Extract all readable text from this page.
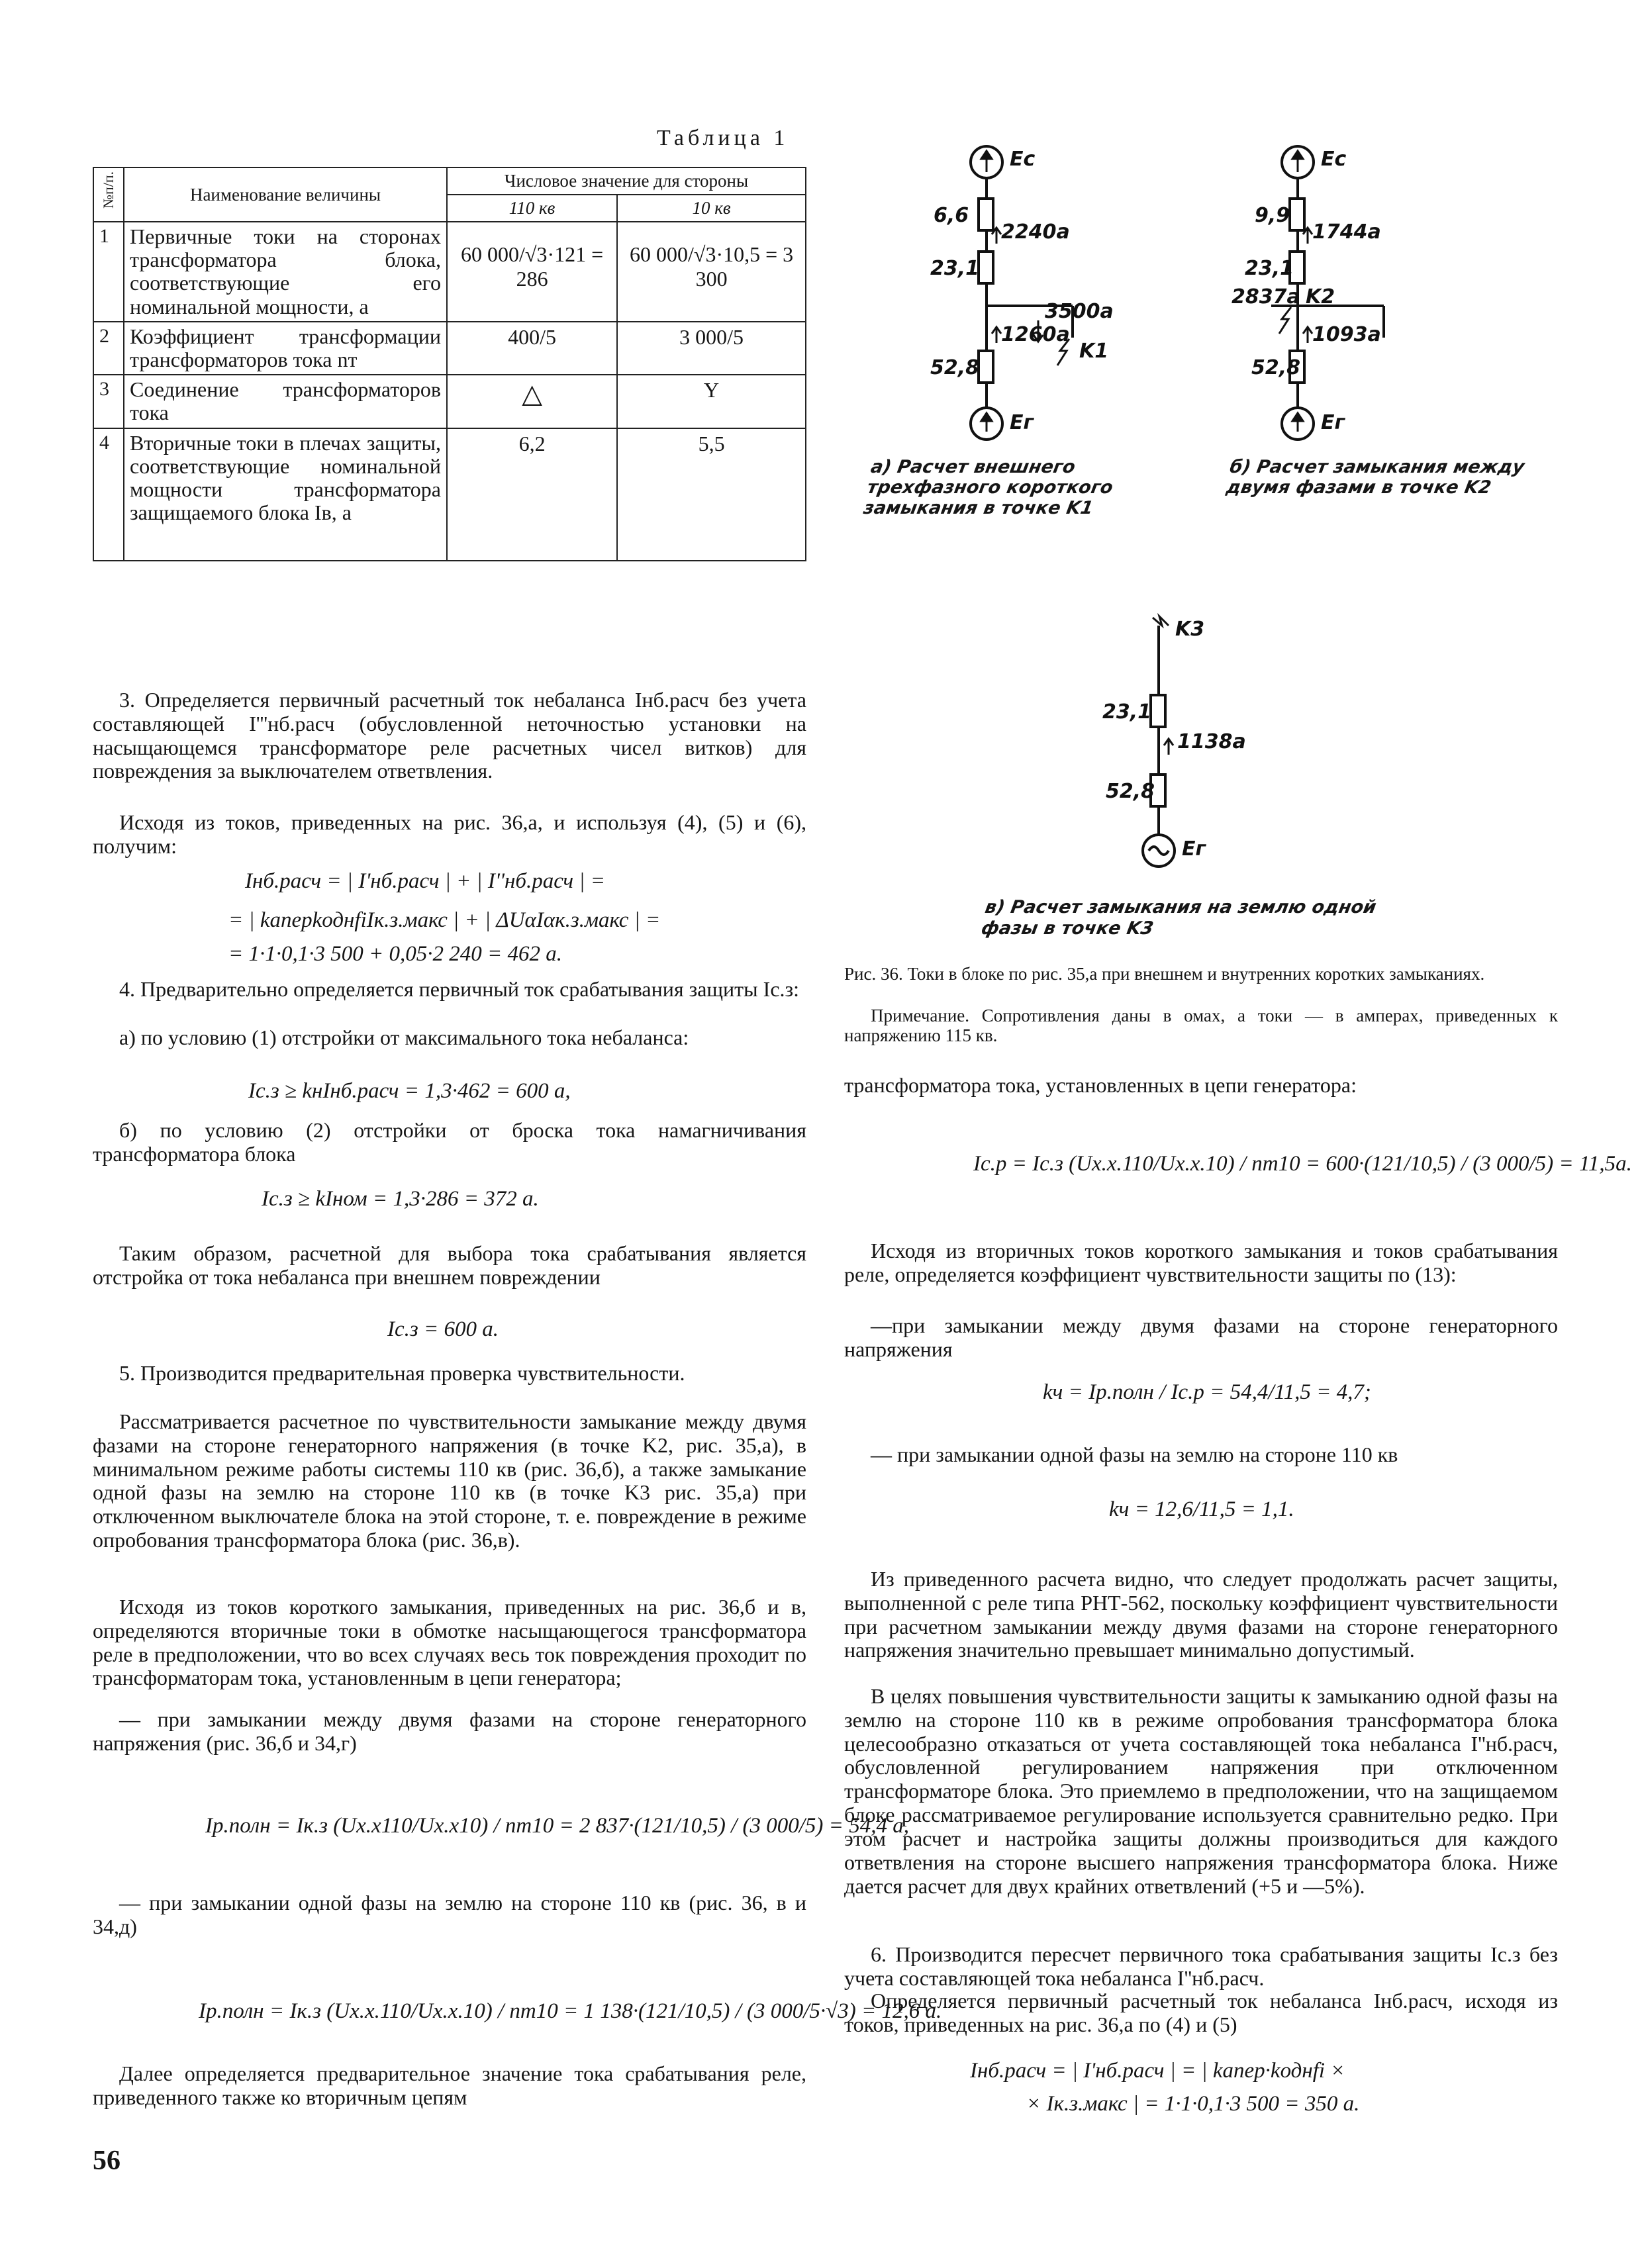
Таблица 1
№п/п.	Наименование величины	Числовое значение для стороны	
		110 кв	10 кв
1	Первичные токи на сторонах трансформатора блока, соответствующие его номинальной мощности, а	60 000/√3·121 = 286	60 000/√3·10,5 = 3 300
2	Коэффициент трансформации трансформаторов тока nт	400/5	3 000/5
3	Соединение трансформаторов тока	△	Y
4	Вторичные токи в плечах защиты, соответствующие номинальной мощности трансформатора защищаемого блока Iв, а	6,2	5,5

3. Определяется первичный расчетный ток небаланса Iнб.расч без учета составляющей I'''нб.расч (обусловленной неточностью установки на насыщающемся трансформаторе реле расчетных чисел витков) для повреждения за выключателем ответвления.

Исходя из токов, приведенных на рис. 36,а, и используя (4), (5) и (6), получим:

Iнб.расч = | I'нб.расч | + | I''нб.расч | =
= | kаперkоднfiIк.з.макс | + | ΔUαIαк.з.макс | =
= 1·1·0,1·3 500 + 0,05·2 240 = 462 а.

4. Предварительно определяется первичный ток срабатывания защиты Iс.з:

а) по условию (1) отстройки от максимального тока небаланса:

Iс.з ≥ kнIнб.расч = 1,3·462 = 600 а,

б) по условию (2) отстройки от броска тока намагничивания трансформатора блока

Iс.з ≥ kIном = 1,3·286 = 372 а.

Таким образом, расчетной для выбора тока срабатывания является отстройка от тока небаланса при внешнем повреждении

Iс.з = 600 а.

5. Производится предварительная проверка чувствительности.

Рассматривается расчетное по чувствительности замыкание между двумя фазами на стороне генераторного напряжения (в точке K2, рис. 35,а), в минимальном режиме работы системы 110 кв (рис. 36,б), а также замыкание одной фазы на землю на стороне 110 кв (в точке K3 рис. 35,а) при отключенном выключателе блока на этой стороне, т. е. повреждение в режиме опробования трансформатора блока (рис. 36,в).

Исходя из токов короткого замыкания, приведенных на рис. 36,б и в, определяются вторичные токи в обмотке насыщающегося трансформатора реле в предположении, что во всех случаях весь ток повреждения проходит по трансформаторам тока, установленным в цепи генератора;

— при замыкании между двумя фазами на стороне генераторного напряжения (рис. 36,б и 34,г)

Iр.полн = Iк.з (Uх.х110/Uх.х10) / nт10 = 2 837·(121/10,5) / (3 000/5) = 54,4 а,

— при замыкании одной фазы на землю на стороне 110 кв (рис. 36, в и 34,д)

Iр.полн = Iк.з (Uх.х.110/Uх.х.10) / nт10 = 1 138·(121/10,5) / (3 000/5·√3) = 12,6 а.

Далее определяется предварительное значение тока срабатывания реле, приведенного также ко вторичным цепям

56
Ec
Eг
6,6
23,1
52,8
2240а
3500а
1260а
K1
Ec
Eг
9,9
23,1
52,8
1744а
2837а
1093а
K2
Eг
23,1
52,8
1138а
K3
а) Расчет внешнего трехфазного короткого замыкания в точке K1
б) Расчет замыкания между двумя фазами в точке K2
в) Расчет замыкания на землю одной фазы в точке K3
Рис. 36. Токи в блоке по рис. 35,а при внешнем и внутренних коротких замыканиях.
Примечание. Сопротивления даны в омах, а токи — в амперах, приведенных к напряжению 115 кв.

трансформатора тока, установленных в цепи генератора:

Iс.р = Iс.з (Uх.х.110/Uх.х.10) / nт10 = 600·(121/10,5) / (3 000/5) = 11,5а.

Исходя из вторичных токов короткого замыкания и токов срабатывания реле, определяется коэффициент чувствительности защиты по (13):

—при замыкании между двумя фазами на стороне генераторного напряжения

kч = Iр.полн / Iс.р = 54,4/11,5 = 4,7;

— при замыкании одной фазы на землю на стороне 110 кв

kч = 12,6/11,5 = 1,1.

Из приведенного расчета видно, что следует продолжать расчет защиты, выполненной с реле типа РНТ-562, поскольку коэффициент чувствительности при расчетном замыкании между двумя фазами на стороне генераторного напряжения значительно превышает минимально допустимый.

В целях повышения чувствительности защиты к замыканию одной фазы на землю на стороне 110 кв в режиме опробования трансформатора блока целесообразно отказаться от учета составляющей тока небаланса I''нб.расч, обусловленной регулированием напряжения при отключенном трансформаторе блока. Это приемлемо в предположении, что на защищаемом блоке рассматриваемое регулирование используется сравнительно редко. При этом расчет и настройка защиты должны производиться для каждого ответвления на стороне высшего напряжения трансформатора блока. Ниже дается расчет для двух крайних ответвлений (+5 и —5%).

6. Производится пересчет первичного тока срабатывания защиты Iс.з без учета составляющей тока небаланса I''нб.расч.

Определяется первичный расчетный ток небаланса Iнб.расч, исходя из токов, приведенных на рис. 36,а по (4) и (5)

Iнб.расч = | I'нб.расч | = | kапер·kоднfi ×
× Iк.з.макс | = 1·1·0,1·3 500 = 350 а.
